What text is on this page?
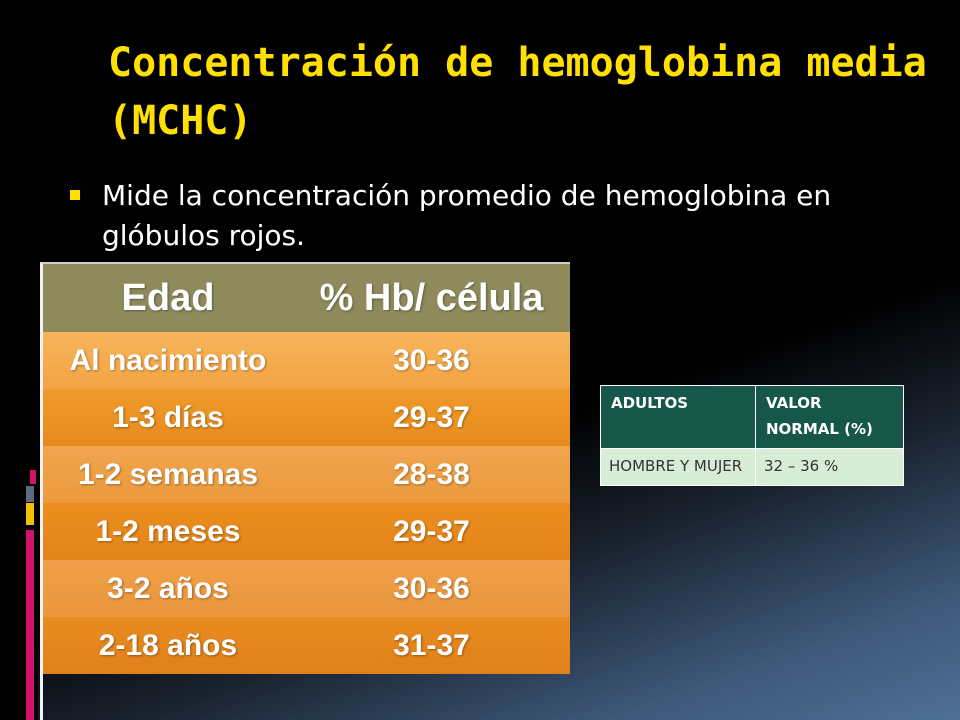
Concentración de hemoglobina media (MCHC)
Mide la concentración promedio de hemoglobina en glóbulos rojos.
Edad	% Hb/ célula
Al nacimiento	30-36
1-3 días	29-37
1-2 semanas	28-38
1-2 meses	29-37
3-2 años	30-36
2-18 años	31-37
ADULTOS	VALOR NORMAL (%)
HOMBRE Y MUJER	32 – 36 %
